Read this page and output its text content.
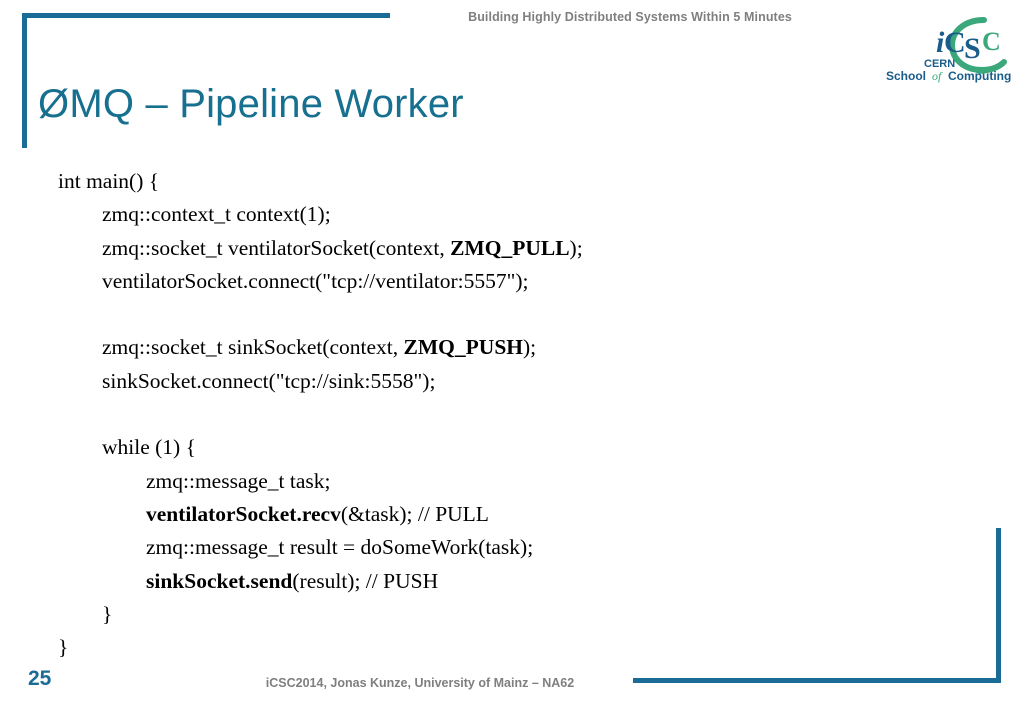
Building Highly Distributed Systems Within 5 Minutes
ØMQ – Pipeline Worker
i C
S C
CERN
School of Computing
int main() {
zmq::context_t context(1);
zmq::socket_t ventilatorSocket(context, ZMQ_PULL);
ventilatorSocket.connect("tcp://ventilator:5557");

zmq::socket_t sinkSocket(context, ZMQ_PUSH);
sinkSocket.connect("tcp://sink:5558");

while (1) {
zmq::message_t task;
ventilatorSocket.recv(&task); // PULL
zmq::message_t result = doSomeWork(task);
sinkSocket.send(result); // PUSH
}
}
25	iCSC2014, Jonas Kunze, University of Mainz – NA62
